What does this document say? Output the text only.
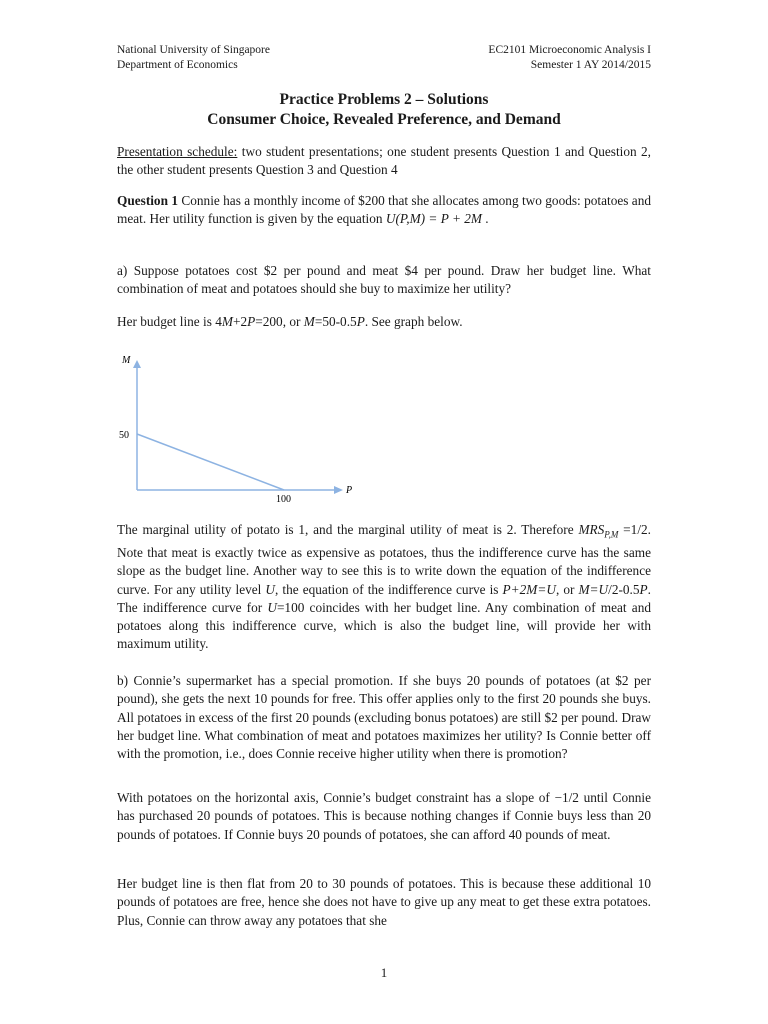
National University of Singapore
Department of Economics
EC2101 Microeconomic Analysis I
Semester 1 AY 2014/2015
Practice Problems 2 – Solutions
Consumer Choice, Revealed Preference, and Demand
Presentation schedule: two student presentations; one student presents Question 1 and Question 2, the other student presents Question 3 and Question 4
Question 1 Connie has a monthly income of $200 that she allocates among two goods: potatoes and meat. Her utility function is given by the equation U(P,M) = P + 2M .
a) Suppose potatoes cost $2 per pound and meat $4 per pound. Draw her budget line. What combination of meat and potatoes should she buy to maximize her utility?
Her budget line is 4M+2P=200, or M=50-0.5P. See graph below.
M
50
100
P
The marginal utility of potato is 1, and the marginal utility of meat is 2. Therefore $MRS_{P,M} =1/2$. Note that meat is exactly twice as expensive as potatoes, thus the indifference curve has the same slope as the budget line. Another way to see this is to write down the equation of the indifference curve. For any utility level U, the equation of the indifference curve is P+2M=U, or M=U/2-0.5P. The indifference curve for U=100 coincides with her budget line. Any combination of meat and potatoes along this indifference curve, which is also the budget line, will provide her with maximum utility.
b) Connie’s supermarket has a special promotion. If she buys 20 pounds of potatoes (at $2 per pound), she gets the next 10 pounds for free. This offer applies only to the first 20 pounds she buys. All potatoes in excess of the first 20 pounds (excluding bonus potatoes) are still $2 per pound. Draw her budget line. What combination of meat and potatoes maximizes her utility? Is Connie better off with the promotion, i.e., does Connie receive higher utility when there is promotion?
With potatoes on the horizontal axis, Connie’s budget constraint has a slope of −1/2 until Connie has purchased 20 pounds of potatoes. This is because nothing changes if Connie buys less than 20 pounds of potatoes. If Connie buys 20 pounds of potatoes, she can afford 40 pounds of meat.
Her budget line is then flat from 20 to 30 pounds of potatoes. This is because these additional 10 pounds of potatoes are free, hence she does not have to give up any meat to get these extra potatoes. Plus, Connie can throw away any potatoes that she
1
